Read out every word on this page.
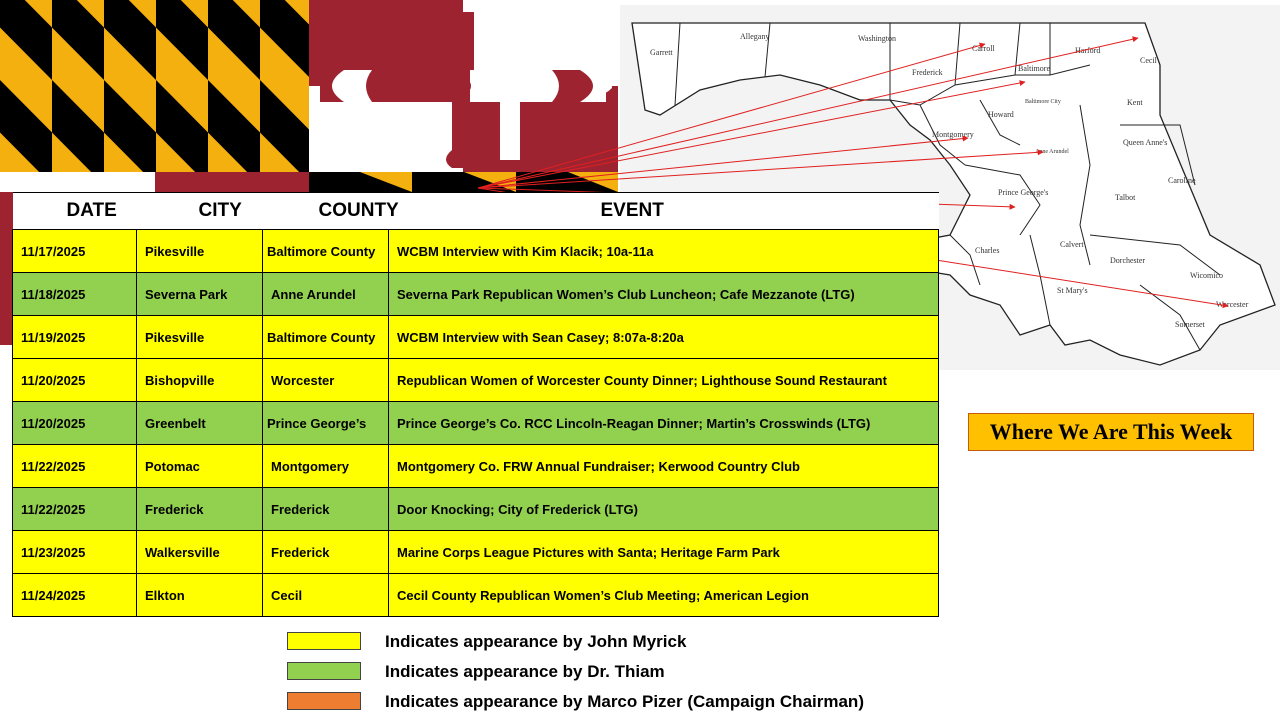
Garrett
Allegany	Washington
Carroll	Harford
Frederick	Baltimore
Cecil
Baltimore City
Howard
Kent
Montgomery
Queen Anne's
Anne Arundel
Caroline
Talbot
Prince George's
Charles
Calvert
Dorchester
St Mary's
Wicomico
Worcester
Somerset
DATE	CITY	COUNTY	EVENT
11/17/2025	Pikesville	Baltimore County	WCBM Interview with Kim Klacik; 10a-11a
11/18/2025	Severna Park	Anne Arundel	Severna Park Republican Women’s Club Luncheon; Cafe Mezzanote (LTG)
11/19/2025	Pikesville	Baltimore County	WCBM Interview with Sean Casey; 8:07a-8:20a
11/20/2025	Bishopville	Worcester	Republican Women of Worcester County Dinner; Lighthouse Sound Restaurant
11/20/2025	Greenbelt	Prince George’s	Prince George’s Co. RCC Lincoln-Reagan Dinner; Martin’s Crosswinds (LTG)
11/22/2025	Potomac	Montgomery	Montgomery Co. FRW Annual Fundraiser; Kerwood Country Club
11/22/2025	Frederick	Frederick	Door Knocking; City of Frederick (LTG)
11/23/2025	Walkersville	Frederick	Marine Corps League Pictures with Santa; Heritage Farm Park
11/24/2025	Elkton	Cecil	Cecil County Republican Women’s Club Meeting; American Legion
Where We Are This Week
Indicates appearance by John Myrick
Indicates appearance by Dr. Thiam
Indicates appearance by Marco Pizer (Campaign Chairman)
